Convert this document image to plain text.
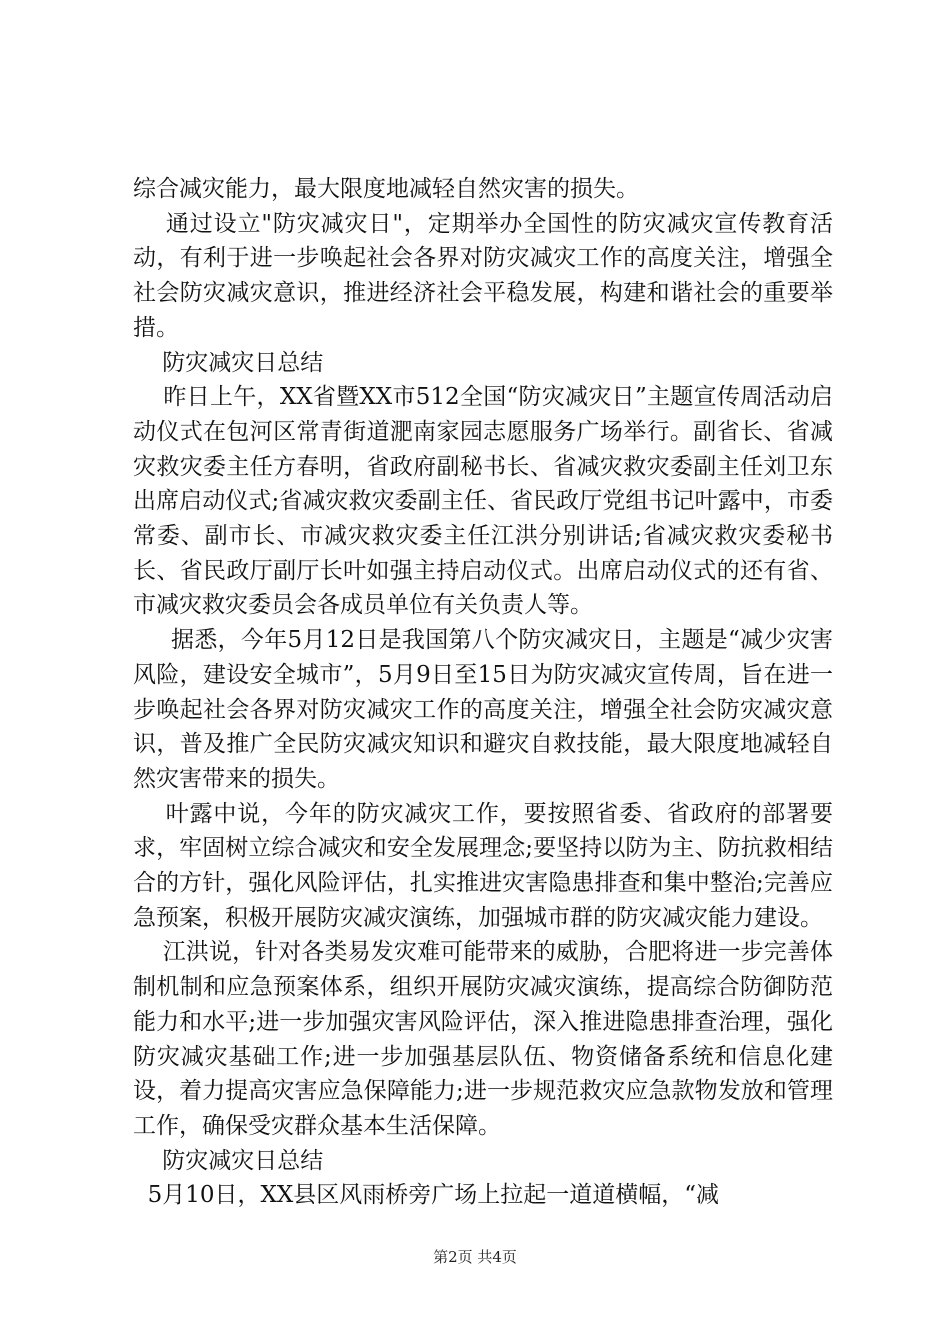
综合减灾能力，最大限度地减轻自然灾害的损失。

通过设立"防灾减灾日"，定期举办全国性的防灾减灾宣传教育活动，有利于进一步唤起社会各界对防灾减灾工作的高度关注，增强全社会防灾减灾意识，推进经济社会平稳发展，构建和谐社会的重要举措。

防灾减灾日总结

昨日上午，XX省暨XX市512全国“防灾减灾日”主题宣传周活动启动仪式在包河区常青街道淝南家园志愿服务广场举行。副省长、省减灾救灾委主任方春明，省政府副秘书长、省减灾救灾委副主任刘卫东出席启动仪式;省减灾救灾委副主任、省民政厅党组书记叶露中，市委常委、副市长、市减灾救灾委主任江洪分别讲话;省减灾救灾委秘书长、省民政厅副厅长叶如强主持启动仪式。出席启动仪式的还有省、市减灾救灾委员会各成员单位有关负责人等。

据悉，今年5月12日是我国第八个防灾减灾日，主题是“减少灾害风险，建设安全城市”，5月9日至15日为防灾减灾宣传周，旨在进一步唤起社会各界对防灾减灾工作的高度关注，增强全社会防灾减灾意识，普及推广全民防灾减灾知识和避灾自救技能，最大限度地减轻自然灾害带来的损失。

叶露中说，今年的防灾减灾工作，要按照省委、省政府的部署要求，牢固树立综合减灾和安全发展理念;要坚持以防为主、防抗救相结合的方针，强化风险评估，扎实推进灾害隐患排查和集中整治;完善应急预案，积极开展防灾减灾演练，加强城市群的防灾减灾能力建设。

江洪说，针对各类易发灾难可能带来的威胁，合肥将进一步完善体制机制和应急预案体系，组织开展防灾减灾演练，提高综合防御防范能力和水平;进一步加强灾害风险评估，深入推进隐患排查治理，强化防灾减灾基础工作;进一步加强基层队伍、物资储备系统和信息化建设，着力提高灾害应急保障能力;进一步规范救灾应急款物发放和管理工作，确保受灾群众基本生活保障。

防灾减灾日总结

5月10日，XX县区风雨桥旁广场上拉起一道道横幅，“减

第2页 共4页
